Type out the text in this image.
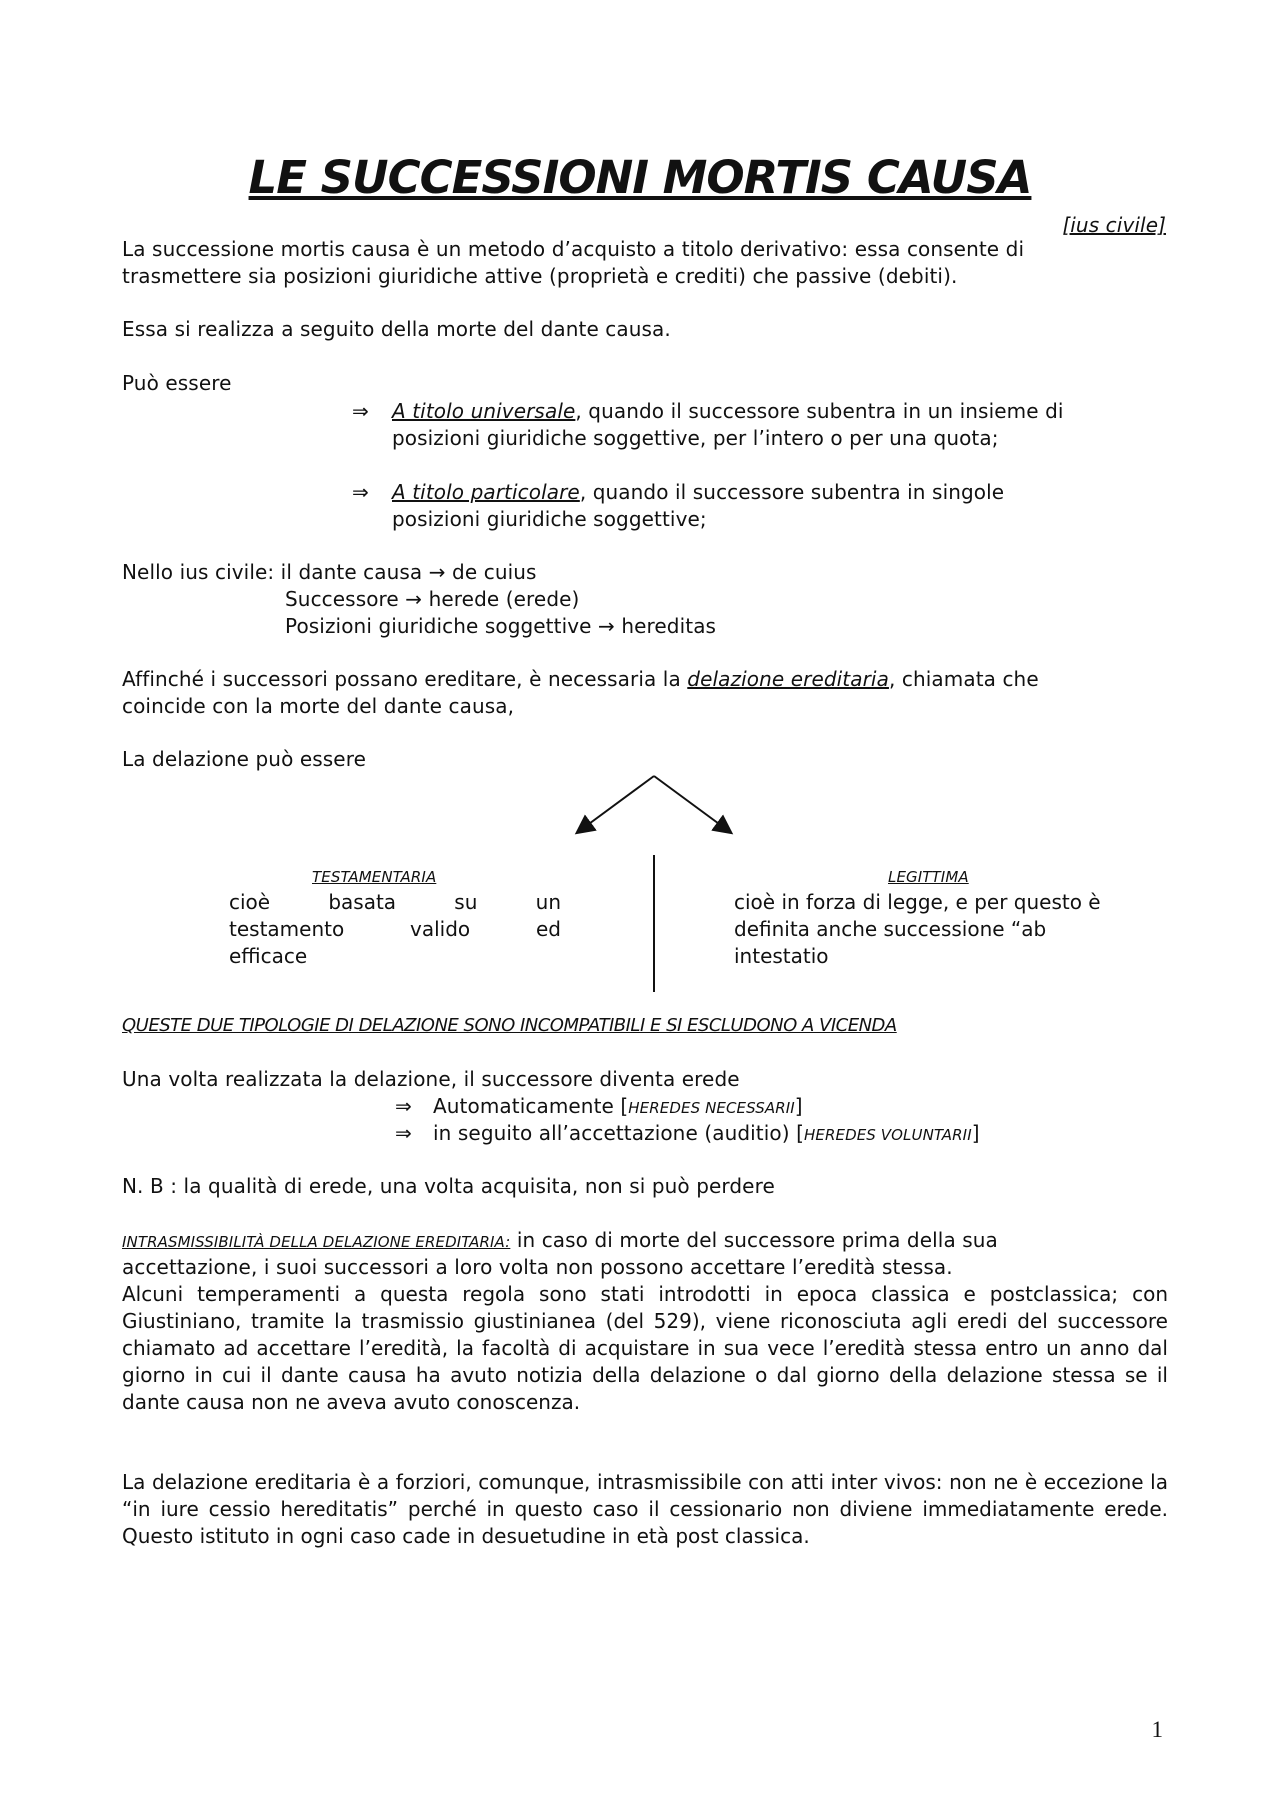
LE SUCCESSIONI MORTIS CAUSA
[ius civile]
La successione mortis causa è un metodo d’acquisto a titolo derivativo: essa consente di
trasmettere sia posizioni giuridiche attive (proprietà e crediti) che passive (debiti).
Essa si realizza a seguito della morte del dante causa.
Può essere
⇒ A titolo universale, quando il successore subentra in un insieme di
posizioni giuridiche soggettive, per l’intero o per una quota;
⇒ A titolo particolare, quando il successore subentra in singole
posizioni giuridiche soggettive;
Nello ius civile: il dante causa → de cuius
Successore → herede (erede)
Posizioni giuridiche soggettive → hereditas
Affinché i successori possano ereditare, è necessaria la delazione ereditaria, chiamata che
coincide con la morte del dante causa,
La delazione può essere
TESTAMENTARIA
cioè	basata	su	un
testamento	valido	ed
efficace
LEGITTIMA
cioè in forza di legge, e per questo è
definita anche successione “ab
intestatio
QUESTE DUE TIPOLOGIE DI DELAZIONE SONO INCOMPATIBILI E SI ESCLUDONO A VICENDA
Una volta realizzata la delazione, il successore diventa erede
⇒ Automaticamente [HEREDES NECESSARII]
⇒ in seguito all’accettazione (auditio) [HEREDES VOLUNTARII]
N. B : la qualità di erede, una volta acquisita, non si può perdere
INTRASMISSIBILITÀ DELLA DELAZIONE EREDITARIA: in caso di morte del successore prima della sua
accettazione, i suoi successori a loro volta non possono accettare l’eredità stessa.
Alcuni temperamenti a questa regola sono stati introdotti in epoca classica e postclassica; con Giustiniano, tramite la trasmissio giustinianea (del 529), viene riconosciuta agli eredi del successore chiamato ad accettare l’eredità, la facoltà di acquistare in sua vece l’eredità stessa entro un anno dal giorno in cui il dante causa ha avuto notizia della delazione o dal giorno della delazione stessa se il dante causa non ne aveva avuto conoscenza.
La delazione ereditaria è a forziori, comunque, intrasmissibile con atti inter vivos: non ne è eccezione la “in iure cessio hereditatis” perché in questo caso il cessionario non diviene immediatamente erede. Questo istituto in ogni caso cade in desuetudine in età post classica.
1
